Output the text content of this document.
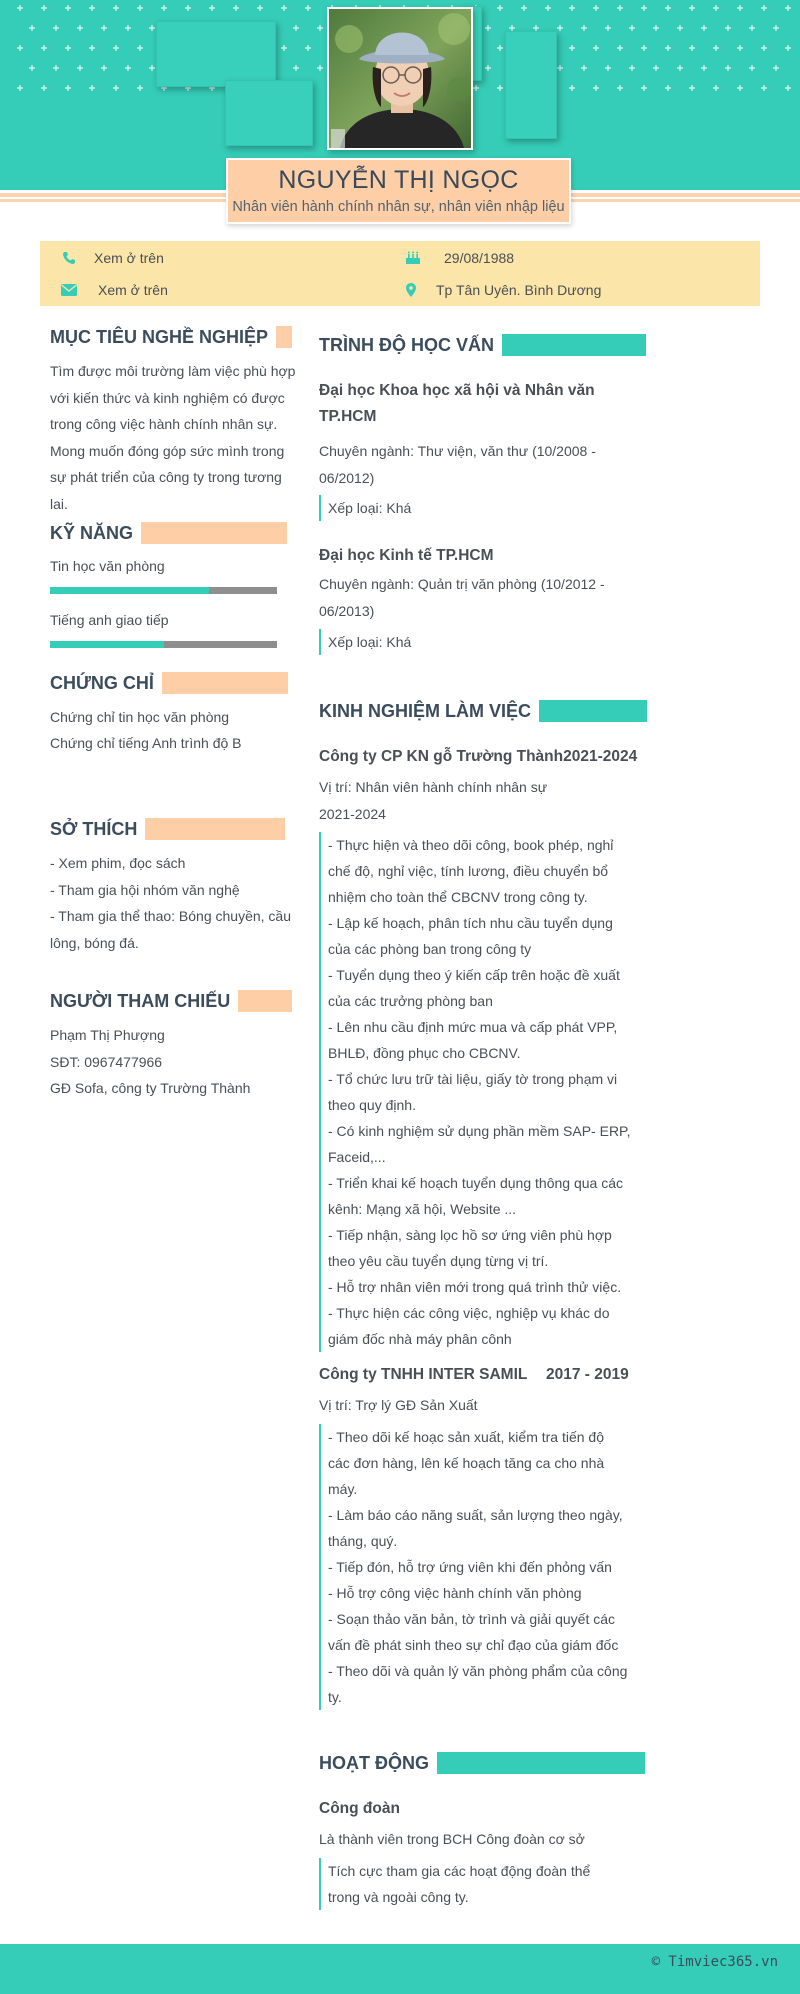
NGUYỄN THỊ NGỌC
Nhân viên hành chính nhân sự, nhân viên nhập liệu
Xem ở trên
Xem ở trên
29/08/1988
Tp Tân Uyên. Bình Dương
MỤC TIÊU NGHỀ NGHIỆP
Tìm được môi trường làm việc phù hợp
với kiến thức và kinh nghiệm có được
trong công việc hành chính nhân sự.
Mong muốn đóng góp sức mình trong
sự phát triển của công ty trong tương
lai.
KỸ NĂNG
Tin học văn phòng
Tiếng anh giao tiếp
CHỨNG CHỈ
Chứng chỉ tin học văn phòng
Chứng chỉ tiếng Anh trình độ B
SỞ THÍCH
- Xem phim, đọc sách
- Tham gia hội nhóm văn nghệ
- Tham gia thể thao: Bóng chuyền, cầu
lông, bóng đá.
NGƯỜI THAM CHIẾU
Phạm Thị Phượng
SĐT: 0967477966
GĐ Sofa, công ty Trường Thành
TRÌNH ĐỘ HỌC VẤN
Đại học Khoa học xã hội và Nhân văn
TP.HCM
Chuyên ngành: Thư viện, văn thư (10/2008 -
06/2012)
Xếp loại: Khá
Đại học Kinh tế TP.HCM
Chuyên ngành: Quản trị văn phòng (10/2012 -
06/2013)
Xếp loại: Khá
KINH NGHIỆM LÀM VIỆC
Công ty CP KN gỗ Trường Thành2021-2024
Vị trí: Nhân viên hành chính nhân sự
2021-2024
- Thực hiện và theo dõi công, book phép, nghỉ
chế độ, nghỉ việc, tính lương, điều chuyển bổ
nhiệm cho toàn thể CBCNV trong công ty.
- Lập kế hoạch, phân tích nhu cầu tuyển dụng
của các phòng ban trong công ty
- Tuyển dụng theo ý kiến cấp trên hoặc đề xuất
của các trưởng phòng ban
- Lên nhu cầu định mức mua và cấp phát VPP,
BHLĐ, đồng phục cho CBCNV.
- Tổ chức lưu trữ tài liệu, giấy tờ trong phạm vi
theo quy định.
- Có kinh nghiệm sử dụng phần mềm SAP- ERP,
Faceid,...
- Triển khai kế hoạch tuyển dụng thông qua các
kênh: Mạng xã hội, Website ...
- Tiếp nhận, sàng lọc hồ sơ ứng viên phù hợp
theo yêu cầu tuyển dụng từng vị trí.
- Hỗ trợ nhân viên mới trong quá trình thử việc.
- Thực hiện các công việc, nghiệp vụ khác do
giám đốc nhà máy phân cônh
Công ty TNHH INTER SAMIL 2017 - 2019
Vị trí: Trợ lý GĐ Sản Xuất
- Theo dõi kế hoạc sản xuất, kiểm tra tiến độ
các đơn hàng, lên kế hoạch tăng ca cho nhà
máy.
- Làm báo cáo năng suất, sản lượng theo ngày,
tháng, quý.
- Tiếp đón, hỗ trợ ứng viên khi đến phỏng vấn
- Hỗ trợ công việc hành chính văn phòng
- Soạn thảo văn bản, tờ trình và giải quyết các
vấn đề phát sinh theo sự chỉ đạo của giám đốc
- Theo dõi và quản lý văn phòng phẩm của công
ty.
HOẠT ĐỘNG
Công đoàn
Là thành viên trong BCH Công đoàn cơ sở
Tích cực tham gia các hoạt động đoàn thể
trong và ngoài công ty.
© Timviec365.vn
